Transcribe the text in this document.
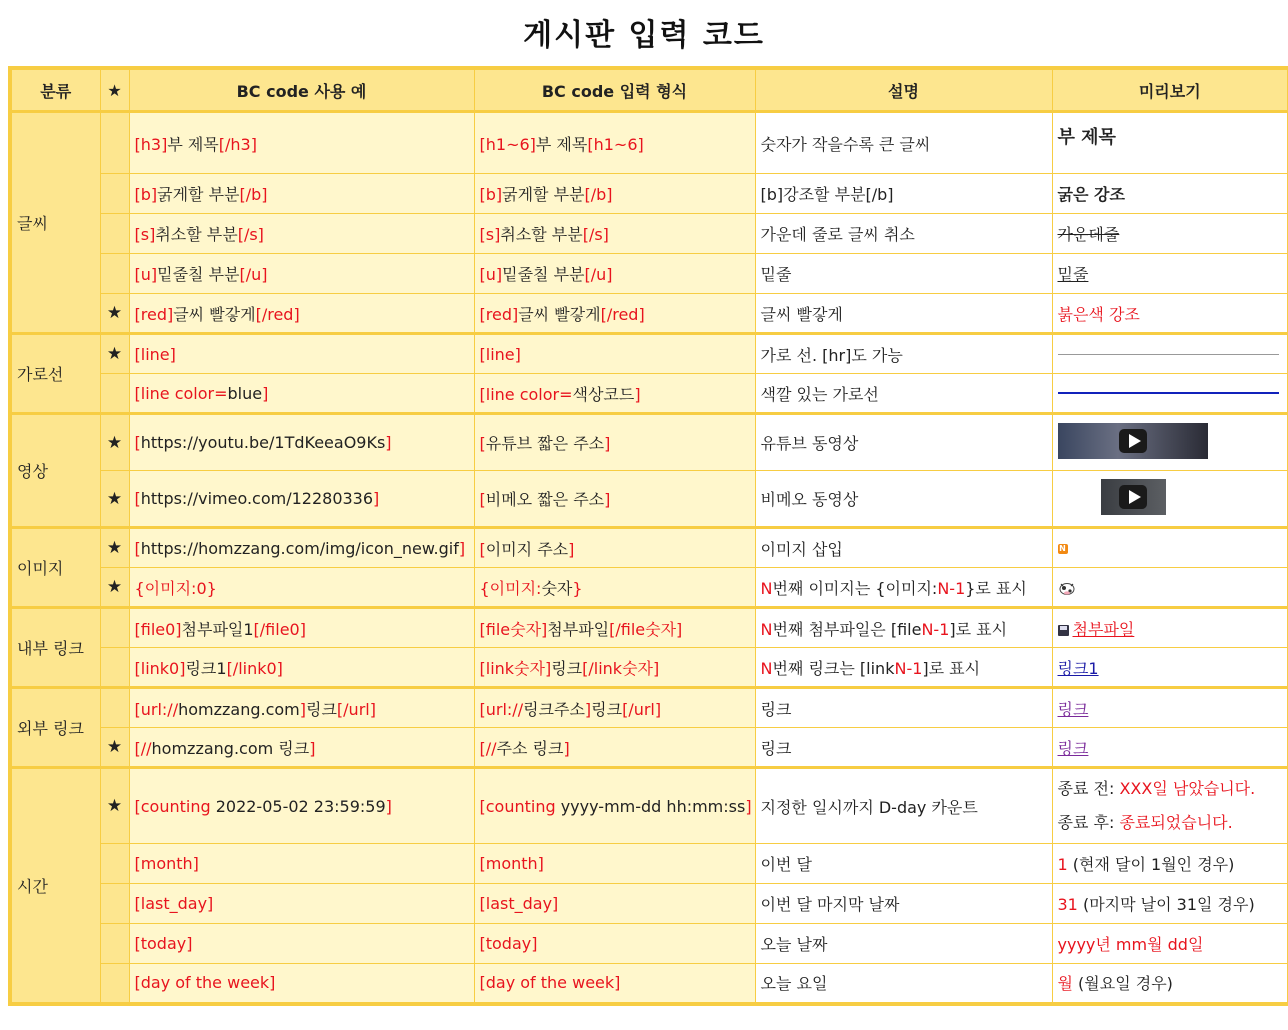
게시판 입력 코드
분류	★	BC code 사용 예	BC code 입력 형식	설명	미리보기
글씨		[h3]부 제목[/h3]	[h1~6]부 제목[h1~6]	숫자가 작을수록 큰 글씨	부 제목
		[b]굵게할 부분[/b]	[b]굵게할 부분[/b]	[b]강조할 부분[/b]	굵은 강조
		[s]취소할 부분[/s]	[s]취소할 부분[/s]	가운데 줄로 글씨 취소	가운데줄
		[u]밑줄칠 부분[/u]	[u]밑줄칠 부분[/u]	밑줄	밑줄
	★	[red]글씨 빨갛게[/red]	[red]글씨 빨갛게[/red]	글씨 빨갛게	붉은색 강조
가로선	★	[line]	[line]	가로 선. [hr]도 가능	

		[line color=blue]	[line color=색상코드]	색깔 있는 가로선	

영상	★	[https://youtu.be/1TdKeeaO9Ks]	[유튜브 짧은 주소]	유튜브 동영상	

	★	[https://vimeo.com/12280336]	[비메오 짧은 주소]	비메오 동영상	

이미지	★	[https://homzzang.com/img/icon_new.gif]	[이미지 주소]	이미지 삽입	N
	★	{이미지:0}	{이미지:숫자}	N번째 이미지는 {이미지:N-1}로 표시	
내부 링크		[file0]첨부파일1[/file0]	[file숫자]첨부파일[/file숫자]	N번째 첨부파일은 [fileN-1]로 표시	첨부파일
		[link0]링크1[/link0]	[link숫자]링크[/link숫자]	N번째 링크는 [linkN-1]로 표시	링크1
외부 링크		[url://homzzang.com]링크[/url]	[url://링크주소]링크[/url]	링크	링크
	★	[//homzzang.com 링크]	[//주소 링크]	링크	링크
시간	★	[counting 2022-05-02 23:59:59]	[counting yyyy-mm-dd hh:mm:ss]	지정한 일시까지 D-day 카운트	종료 전: XXX일 남았습니다.
종료 후: 종료되었습니다.

		[month]	[month]	이번 달	1 (현재 달이 1월인 경우)
		[last_day]	[last_day]	이번 달 마지막 날짜	31 (마지막 날이 31일 경우)
		[today]	[today]	오늘 날짜	yyyy년 mm월 dd일
		[day of the week]	[day of the week]	오늘 요일	월 (월요일 경우)
